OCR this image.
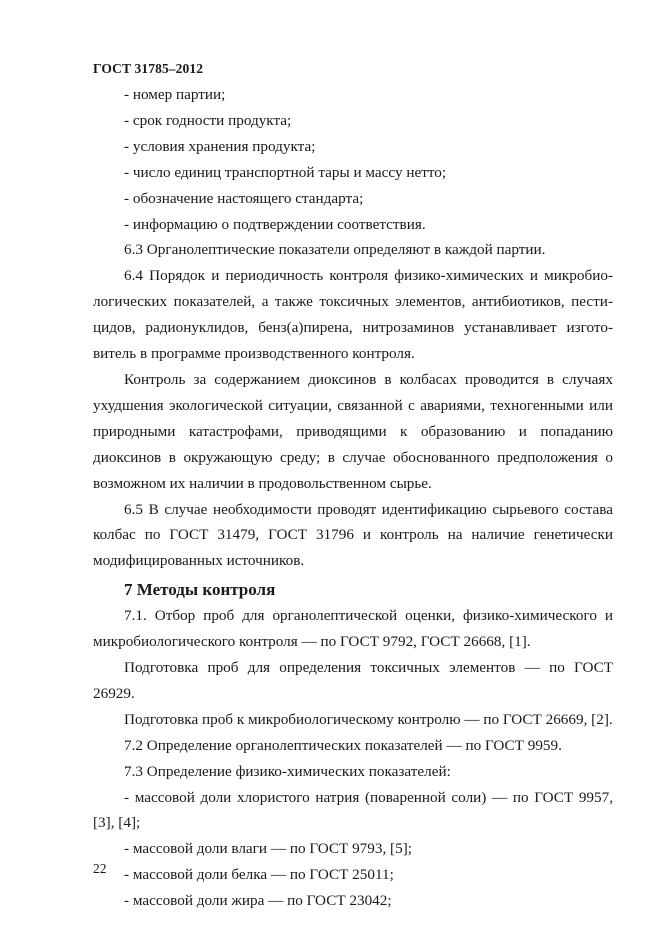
ГОСТ 31785–2012

- номер партии;

- срок годности продукта;

- условия хранения продукта;

- число единиц транспортной тары и массу нетто;

- обозначение настоящего стандарта;

- информацию о подтверждении соответствия.

6.3 Органолептические показатели определяют в каждой партии.

6.4 Порядок и периодичность контроля физико-химических и микробиологических показателей, а также токсичных элементов, антибиотиков, пестицидов, радионуклидов, бенз(а)пирена, нитрозаминов устанавливает изготовитель в программе производственного контроля.

Контроль за содержанием диоксинов в колбасах проводится в случаях ухудшения экологической ситуации, связанной с авариями, техногенными или природными катастрофами, приводящими к образованию и попаданию диоксинов в окружающую среду; в случае обоснованного предположения о возможном их наличии в продовольственном сырье.

6.5 В случае необходимости проводят идентификацию сырьевого состава колбас по ГОСТ 31479, ГОСТ 31796 и контроль на наличие генетически модифицированных источников.

7 Методы контроля

7.1. Отбор проб для органолептической оценки, физико-химического и микробиологического контроля — по ГОСТ 9792, ГОСТ 26668, [1].

Подготовка проб для определения токсичных элементов — по ГОСТ 26929.

Подготовка проб к микробиологическому контролю — по ГОСТ 26669, [2].

7.2 Определение органолептических показателей — по ГОСТ 9959.

7.3 Определение физико-химических показателей:

- массовой доли хлористого натрия (поваренной соли) — по ГОСТ 9957, [3], [4];

- массовой доли влаги — по ГОСТ 9793, [5];

- массовой доли белка — по ГОСТ 25011;

- массовой доли жира — по ГОСТ 23042;

22
